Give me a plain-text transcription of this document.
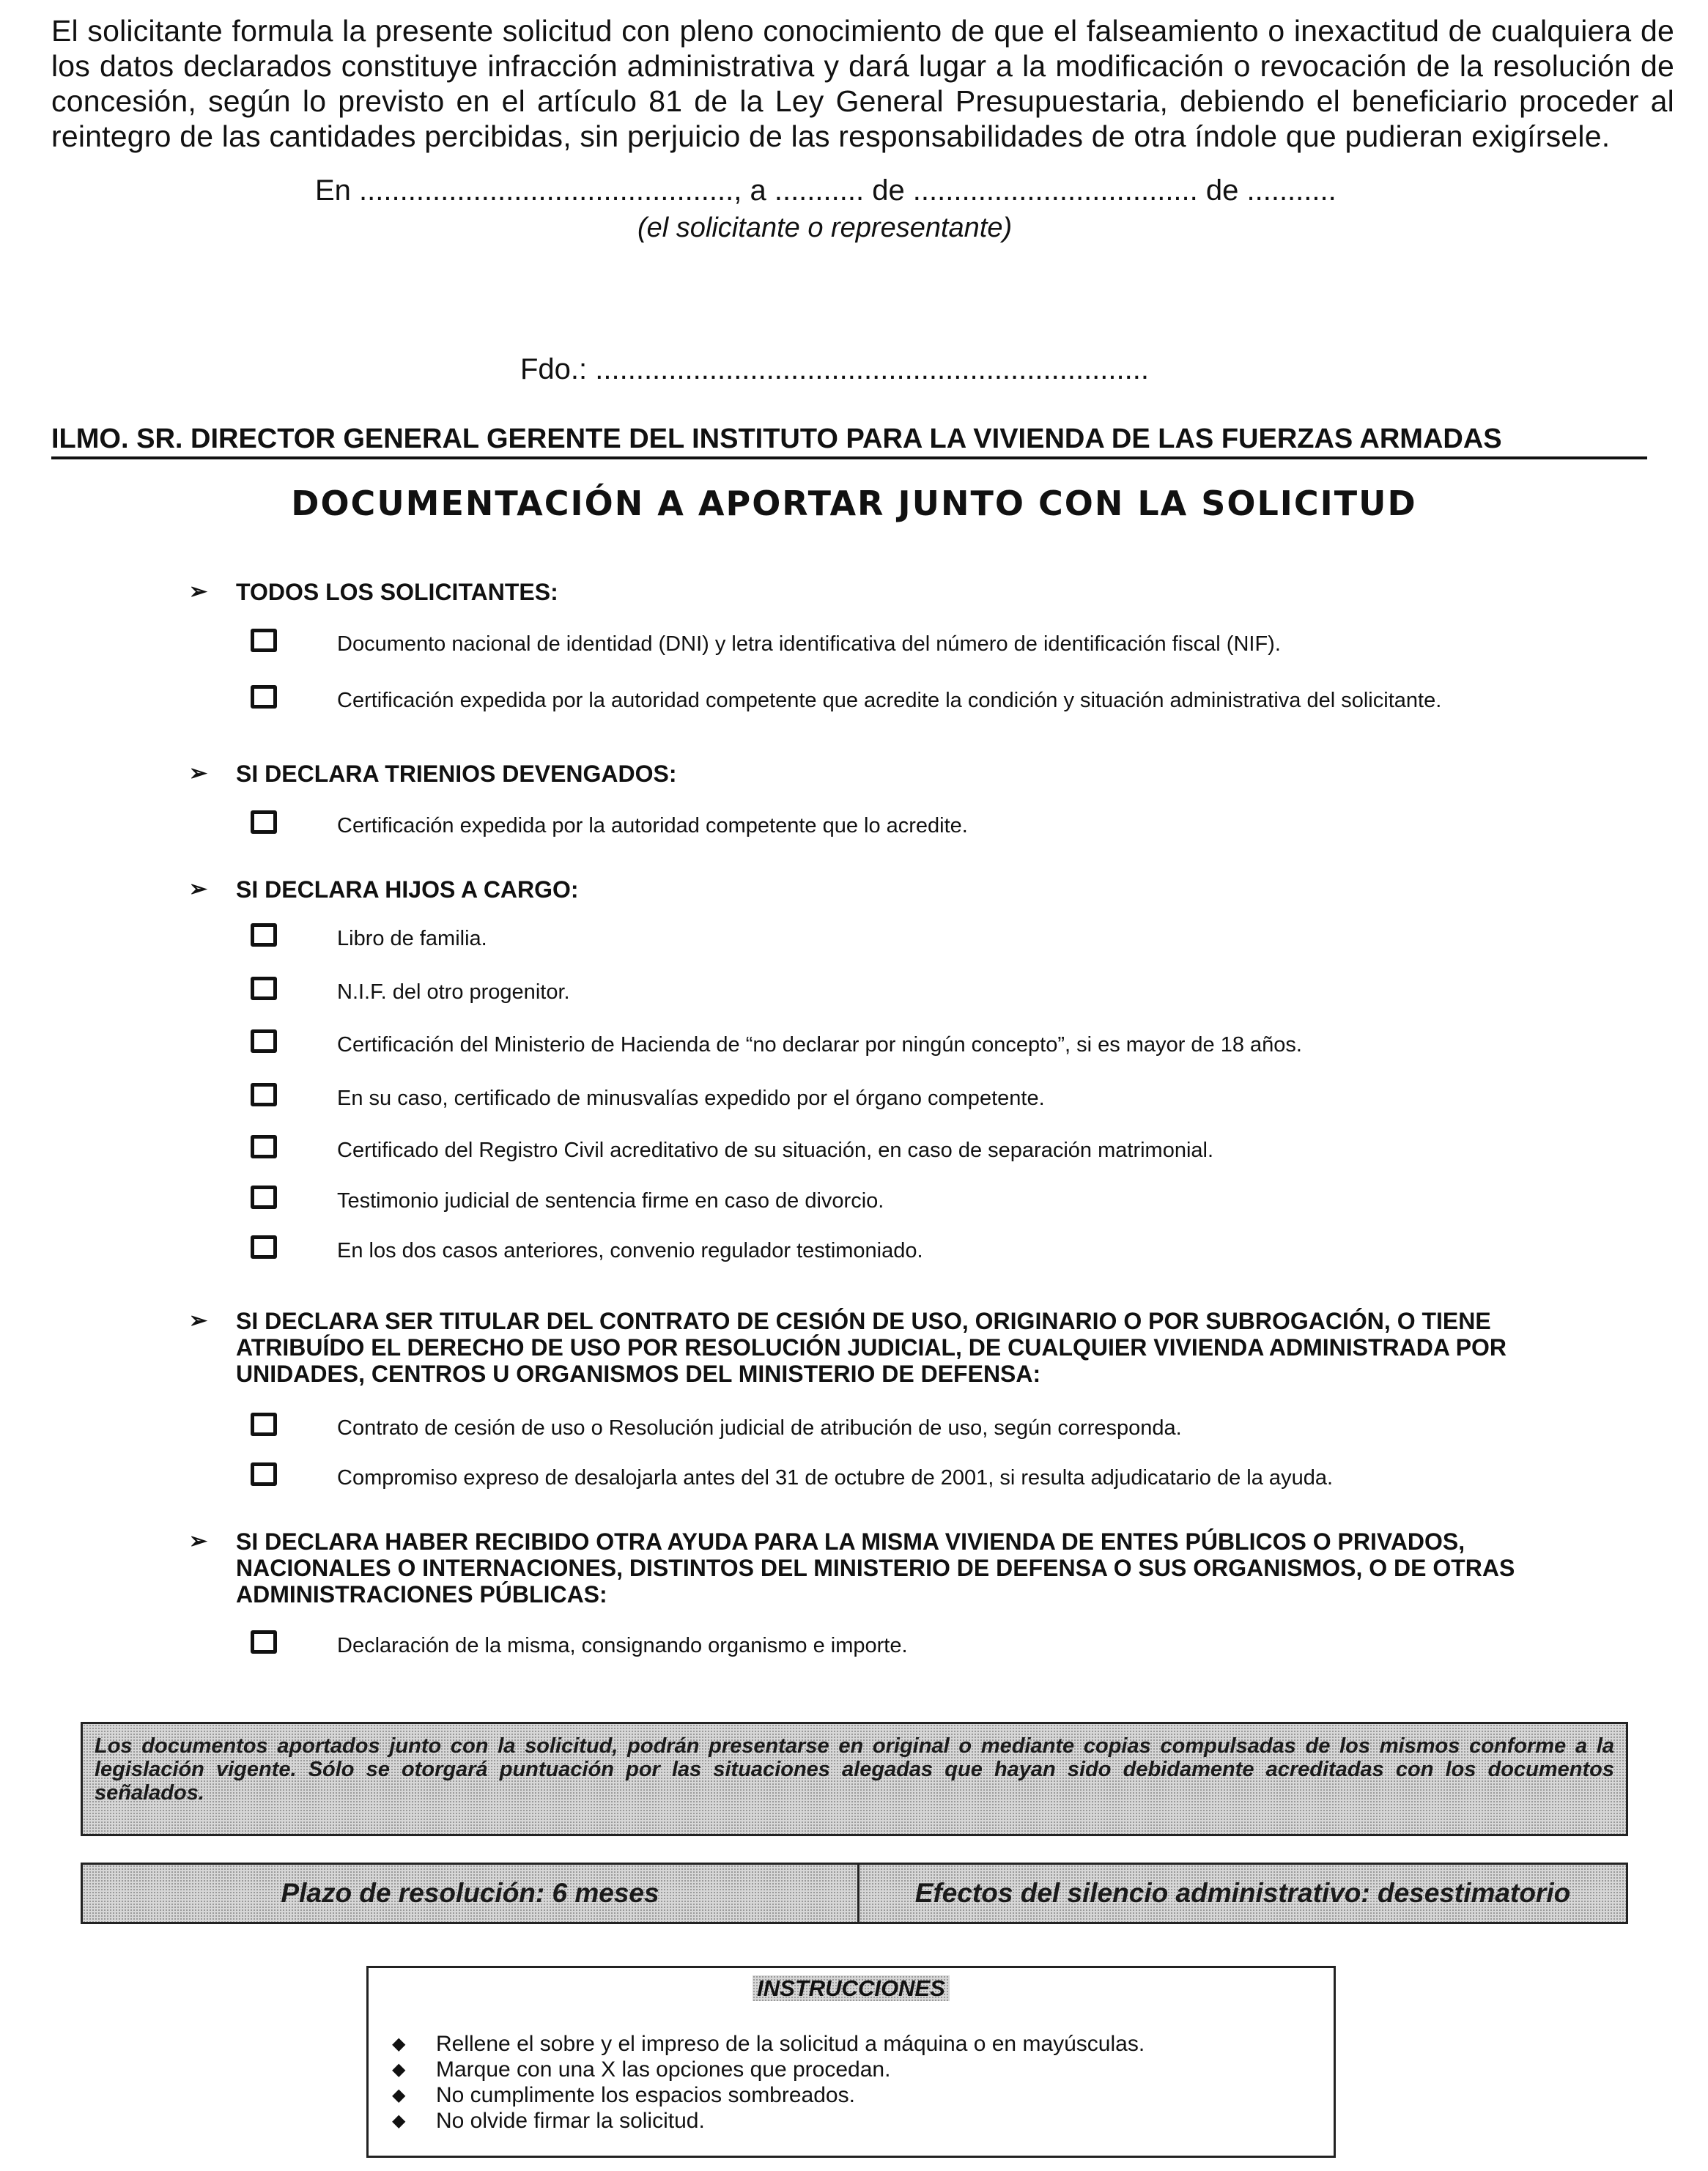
El solicitante formula la presente solicitud con pleno conocimiento de que el falseamiento o inexactitud de cualquiera de los datos declarados constituye infracción administrativa y dará lugar a la modificación o revocación de la resolución de concesión, según lo previsto en el artículo 81 de la Ley General Presupuestaria, debiendo el beneficiario proceder al reintegro de las cantidades percibidas, sin perjuicio de las responsabilidades de otra índole que pudieran exigírsele.
En .............................................., a ........... de ................................... de ...........
(el solicitante o representante)
Fdo.: ....................................................................
ILMO. SR. DIRECTOR GENERAL GERENTE DEL INSTITUTO PARA LA VIVIENDA DE LAS FUERZAS ARMADAS
DOCUMENTACIÓN A APORTAR JUNTO CON LA SOLICITUD
➢ TODOS LOS SOLICITANTES:
Documento nacional de identidad (DNI) y letra identificativa del número de identificación fiscal (NIF).
Certificación expedida por la autoridad competente que acredite la condición y situación administrativa del solicitante.
➢ SI DECLARA TRIENIOS DEVENGADOS:
Certificación expedida por la autoridad competente que lo acredite.
➢ SI DECLARA HIJOS A CARGO:
Libro de familia.
N.I.F. del otro progenitor.
Certificación del Ministerio de Hacienda de “no declarar por ningún concepto”, si es mayor de 18 años.
En su caso, certificado de minusvalías expedido por el órgano competente.
Certificado del Registro Civil acreditativo de su situación, en caso de separación matrimonial.
Testimonio judicial de sentencia firme en caso de divorcio.
En los dos casos anteriores, convenio regulador testimoniado.
➢ SI DECLARA SER TITULAR DEL CONTRATO DE CESIÓN DE USO, ORIGINARIO O POR SUBROGACIÓN, O TIENE ATRIBUÍDO EL DERECHO DE USO POR RESOLUCIÓN JUDICIAL, DE CUALQUIER VIVIENDA ADMINISTRADA POR UNIDADES, CENTROS U ORGANISMOS DEL MINISTERIO DE DEFENSA:
Contrato de cesión de uso o Resolución judicial de atribución de uso, según corresponda.
Compromiso expreso de desalojarla antes del 31 de octubre de 2001, si resulta adjudicatario de la ayuda.
➢ SI DECLARA HABER RECIBIDO OTRA AYUDA PARA LA MISMA VIVIENDA DE ENTES PÚBLICOS O PRIVADOS, NACIONALES O INTERNACIONES, DISTINTOS DEL MINISTERIO DE DEFENSA O SUS ORGANISMOS, O DE OTRAS ADMINISTRACIONES PÚBLICAS:
Declaración de la misma, consignando organismo e importe.
Los documentos aportados junto con la solicitud, podrán presentarse en original o mediante copias compulsadas de los mismos conforme a la legislación vigente. Sólo se otorgará puntuación por las situaciones alegadas que hayan sido debidamente acreditadas con los documentos señalados.
Plazo de resolución: 6 meses	Efectos del silencio administrativo: desestimatorio
INSTRUCCIONES
◆ Rellene el sobre y el impreso de la solicitud a máquina o en mayúsculas.
◆ Marque con una X las opciones que procedan.
◆ No cumplimente los espacios sombreados.
◆ No olvide firmar la solicitud.
